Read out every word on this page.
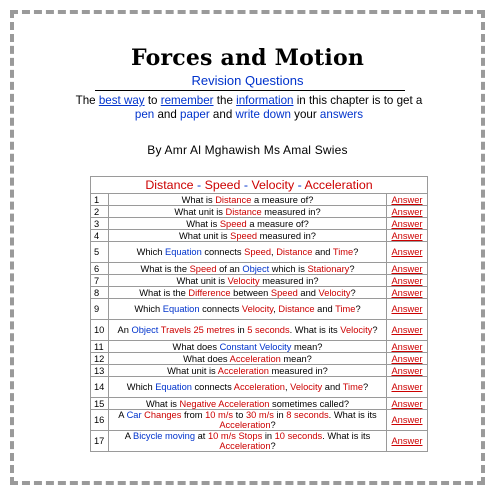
Forces and Motion
Revision Questions
The best way to remember the information in this chapter is to get a pen and paper and write down your answers
By Amr Al Mghawish Ms Amal Swies
Distance - Speed - Velocity - Acceleration		
1	What is Distance a measure of?	Answer
2	What unit is Distance measured in?	Answer
3	What is Speed a measure of?	Answer
4	What unit is Speed measured in?	Answer
5	Which Equation connects Speed, Distance and Time?	Answer
6	What is the Speed of an Object which is Stationary?	Answer
7	What unit is Velocity measured in?	Answer
8	What is the Difference between Speed and Velocity?	Answer
9	Which Equation connects Velocity, Distance and Time?	Answer
10	An Object Travels 25 metres in 5 seconds. What is its Velocity?	Answer
11	What does Constant Velocity mean?	Answer
12	What does Acceleration mean?	Answer
13	What unit is Acceleration measured in?	Answer
14	Which Equation connects Acceleration, Velocity and Time?	Answer
15	What is Negative Acceleration sometimes called?	Answer
16	A Car Changes from 10 m/s to 30 m/s in 8 seconds. What is its Acceleration?	Answer
17	A Bicycle moving at 10 m/s Stops in 10 seconds. What is its Acceleration?	Answer
